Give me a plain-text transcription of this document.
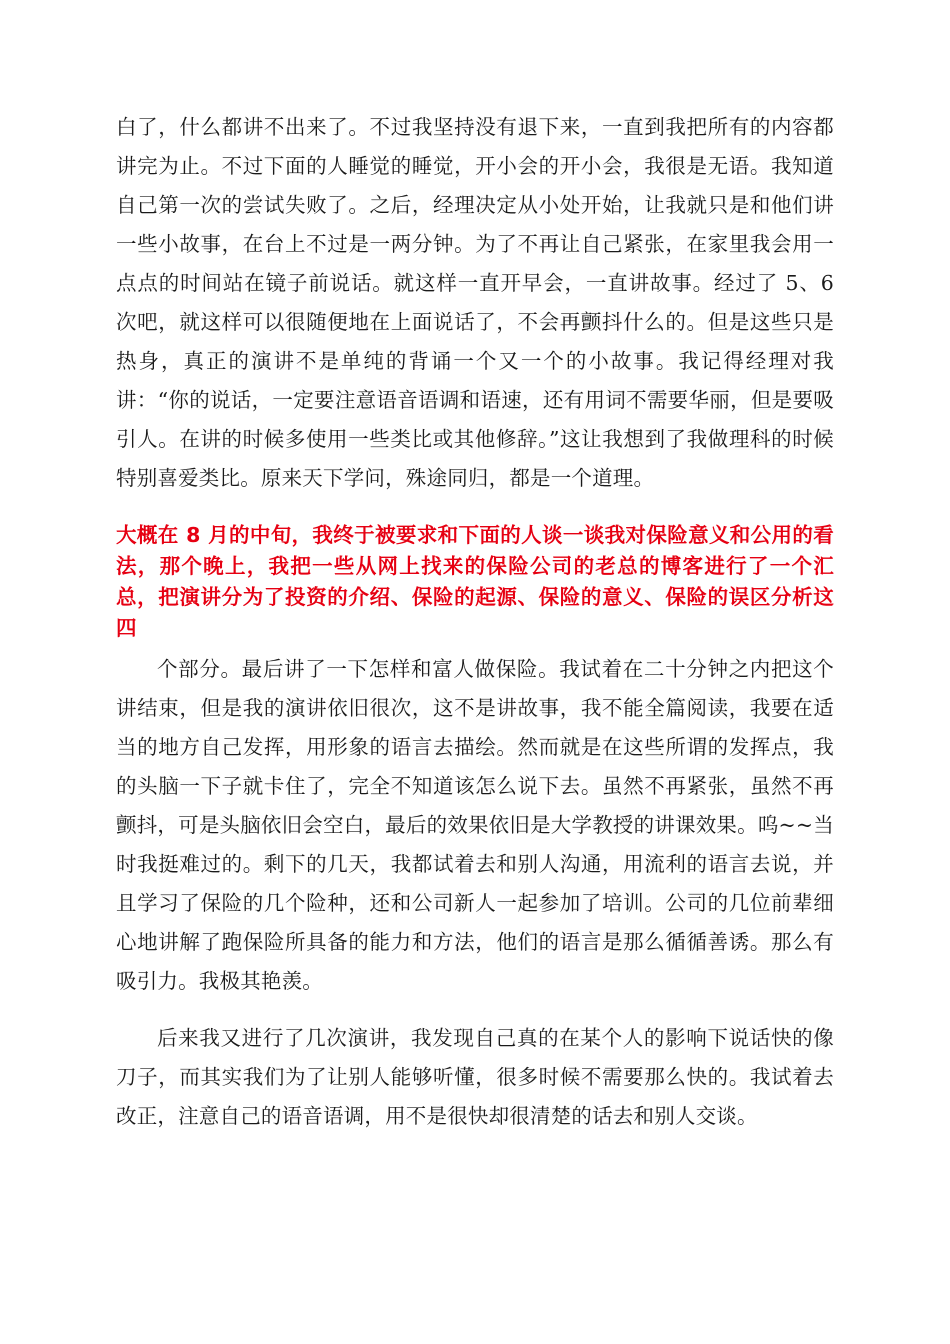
白了，什么都讲不出来了。不过我坚持没有退下来，一直到我把所有的内容都讲完为止。不过下面的人睡觉的睡觉，开小会的开小会，我很是无语。我知道自己第一次的尝试失败了。之后，经理决定从小处开始，让我就只是和他们讲一些小故事，在台上不过是一两分钟。为了不再让自己紧张，在家里我会用一点点的时间站在镜子前说话。就这样一直开早会，一直讲故事。经过了 5、6 次吧，就这样可以很随便地在上面说话了，不会再颤抖什么的。但是这些只是热身，真正的演讲不是单纯的背诵一个又一个的小故事。我记得经理对我讲：“你的说话，一定要注意语音语调和语速，还有用词不需要华丽，但是要吸引人。在讲的时候多使用一些类比或其他修辞。”这让我想到了我做理科的时候特别喜爱类比。原来天下学问，殊途同归，都是一个道理。

大概在 8 月的中旬，我终于被要求和下面的人谈一谈我对保险意义和公用的看法，那个晚上，我把一些从网上找来的保险公司的老总的博客进行了一个汇总，把演讲分为了投资的介绍、保险的起源、保险的意义、保险的误区分析这四

个部分。最后讲了一下怎样和富人做保险。我试着在二十分钟之内把这个讲结束，但是我的演讲依旧很次，这不是讲故事，我不能全篇阅读，我要在适当的地方自己发挥，用形象的语言去描绘。然而就是在这些所谓的发挥点，我的头脑一下子就卡住了，完全不知道该怎么说下去。虽然不再紧张，虽然不再颤抖，可是头脑依旧会空白，最后的效果依旧是大学教授的讲课效果。呜~~当时我挺难过的。剩下的几天，我都试着去和别人沟通，用流利的语言去说，并且学习了保险的几个险种，还和公司新人一起参加了培训。公司的几位前辈细心地讲解了跑保险所具备的能力和方法，他们的语言是那么循循善诱。那么有吸引力。我极其艳羡。

后来我又进行了几次演讲，我发现自己真的在某个人的影响下说话快的像刀子，而其实我们为了让别人能够听懂，很多时候不需要那么快的。我试着去改正，注意自己的语音语调，用不是很快却很清楚的话去和别人交谈。
